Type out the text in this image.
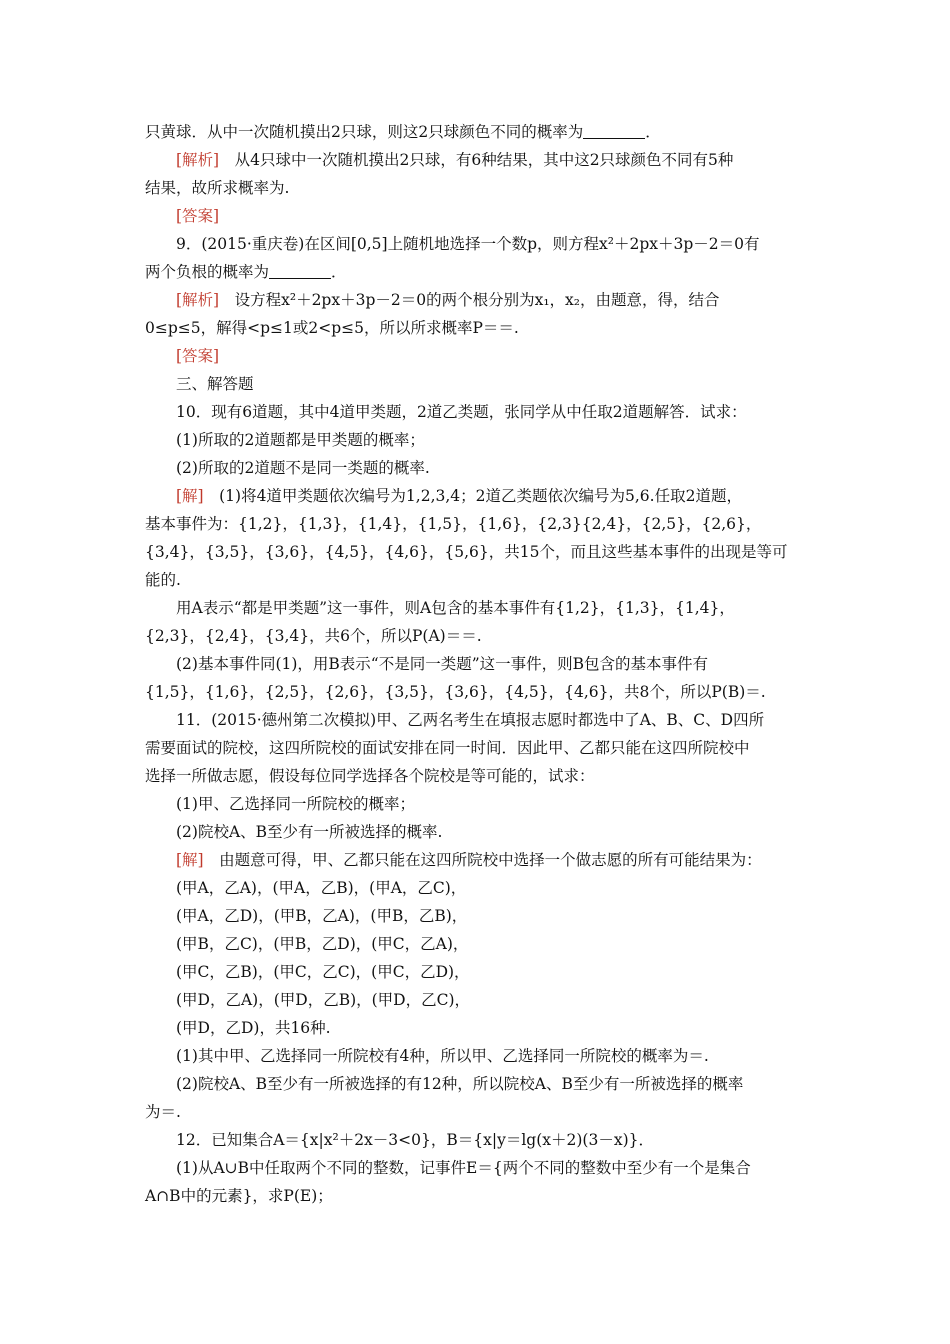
只黄球．从中一次随机摸出2只球，则这2只球颜色不同的概率为	．
[解析]　从4只球中一次随机摸出2只球，有6种结果，其中这2只球颜色不同有5种
结果，故所求概率为.
[答案]
9．(2015·重庆卷)在区间[0,5]上随机地选择一个数p，则方程x²＋2px＋3p－2＝0有
两个负根的概率为	．
[解析]　设方程x²＋2px＋3p－2＝0的两个根分别为x₁，x₂，由题意，得，结合
0≤p≤5，解得<p≤1或2<p≤5，所以所求概率P＝＝.
[答案]
三、解答题
10．现有6道题，其中4道甲类题，2道乙类题，张同学从中任取2道题解答．试求：
(1)所取的2道题都是甲类题的概率；
(2)所取的2道题不是同一类题的概率.
[解]　(1)将4道甲类题依次编号为1,2,3,4；2道乙类题依次编号为5,6.任取2道题，
基本事件为：{1,2}，{1,3}，{1,4}，{1,5}，{1,6}，{2,3}{2,4}，{2,5}，{2,6}，
{3,4}，{3,5}，{3,6}，{4,5}，{4,6}，{5,6}，共15个，而且这些基本事件的出现是等可
能的.
用A表示“都是甲类题”这一事件，则A包含的基本事件有{1,2}，{1,3}，{1,4}，
{2,3}，{2,4}，{3,4}，共6个，所以P(A)＝＝.
(2)基本事件同(1)，用B表示“不是同一类题”这一事件，则B包含的基本事件有
{1,5}，{1,6}，{2,5}，{2,6}，{3,5}，{3,6}，{4,5}，{4,6}，共8个，所以P(B)＝.
11．(2015·德州第二次模拟)甲、乙两名考生在填报志愿时都选中了A、B、C、D四所
需要面试的院校，这四所院校的面试安排在同一时间．因此甲、乙都只能在这四所院校中
选择一所做志愿，假设每位同学选择各个院校是等可能的，试求：
(1)甲、乙选择同一所院校的概率；
(2)院校A、B至少有一所被选择的概率.
[解]　由题意可得，甲、乙都只能在这四所院校中选择一个做志愿的所有可能结果为：
(甲A，乙A)，(甲A，乙B)，(甲A，乙C)，
(甲A，乙D)，(甲B，乙A)，(甲B，乙B)，
(甲B，乙C)，(甲B，乙D)，(甲C，乙A)，
(甲C，乙B)，(甲C，乙C)，(甲C，乙D)，
(甲D，乙A)，(甲D，乙B)，(甲D，乙C)，
(甲D，乙D)，共16种.
(1)其中甲、乙选择同一所院校有4种，所以甲、乙选择同一所院校的概率为＝.
(2)院校A、B至少有一所被选择的有12种，所以院校A、B至少有一所被选择的概率
为＝.
12．已知集合A＝{x|x²＋2x－3<0}，B＝{x|y＝lg(x＋2)(3－x)}．
(1)从A∪B中任取两个不同的整数，记事件E＝{两个不同的整数中至少有一个是集合
A∩B中的元素}，求P(E)；
